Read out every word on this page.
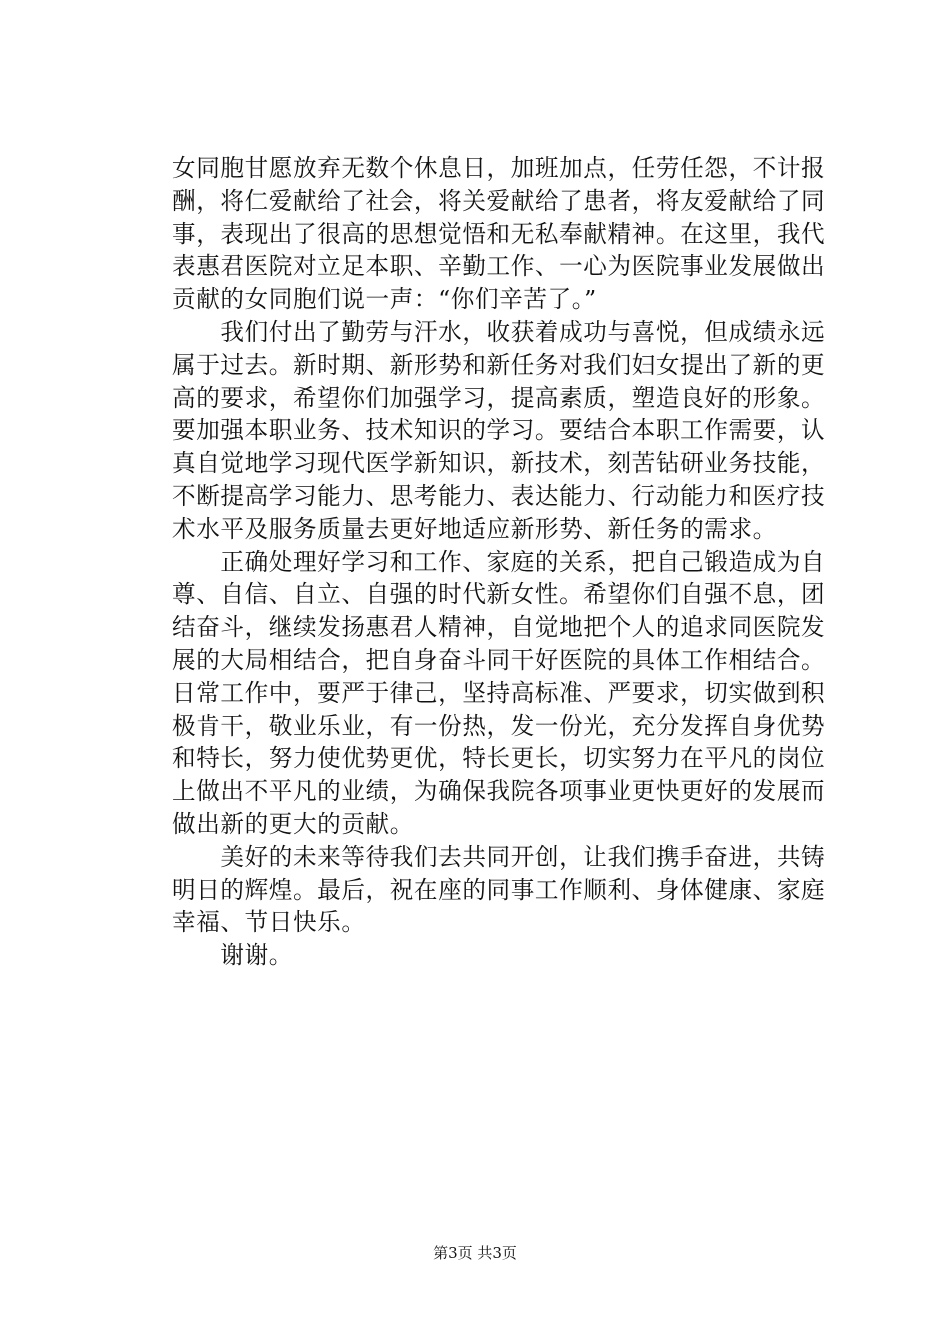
女同胞甘愿放弃无数个休息日，加班加点，任劳任怨，不计报
酬，将仁爱献给了社会，将关爱献给了患者，将友爱献给了同
事，表现出了很高的思想觉悟和无私奉献精神。在这里，我代
表惠君医院对立足本职、辛勤工作、一心为医院事业发展做出
贡献的女同胞们说一声：“你们辛苦了。”
　　我们付出了勤劳与汗水，收获着成功与喜悦，但成绩永远
属于过去。新时期、新形势和新任务对我们妇女提出了新的更
高的要求，希望你们加强学习，提高素质，塑造良好的形象。
要加强本职业务、技术知识的学习。要结合本职工作需要，认
真自觉地学习现代医学新知识，新技术，刻苦钻研业务技能，
不断提高学习能力、思考能力、表达能力、行动能力和医疗技
术水平及服务质量去更好地适应新形势、新任务的需求。
　　正确处理好学习和工作、家庭的关系，把自己锻造成为自
尊、自信、自立、自强的时代新女性。希望你们自强不息，团
结奋斗，继续发扬惠君人精神，自觉地把个人的追求同医院发
展的大局相结合，把自身奋斗同干好医院的具体工作相结合。
日常工作中，要严于律己，坚持高标准、严要求，切实做到积
极肯干，敬业乐业，有一份热，发一份光，充分发挥自身优势
和特长，努力使优势更优，特长更长，切实努力在平凡的岗位
上做出不平凡的业绩，为确保我院各项事业更快更好的发展而
做出新的更大的贡献。
　　美好的未来等待我们去共同开创，让我们携手奋进，共铸
明日的辉煌。最后，祝在座的同事工作顺利、身体健康、家庭
幸福、节日快乐。
　　谢谢。
第3页 共3页
